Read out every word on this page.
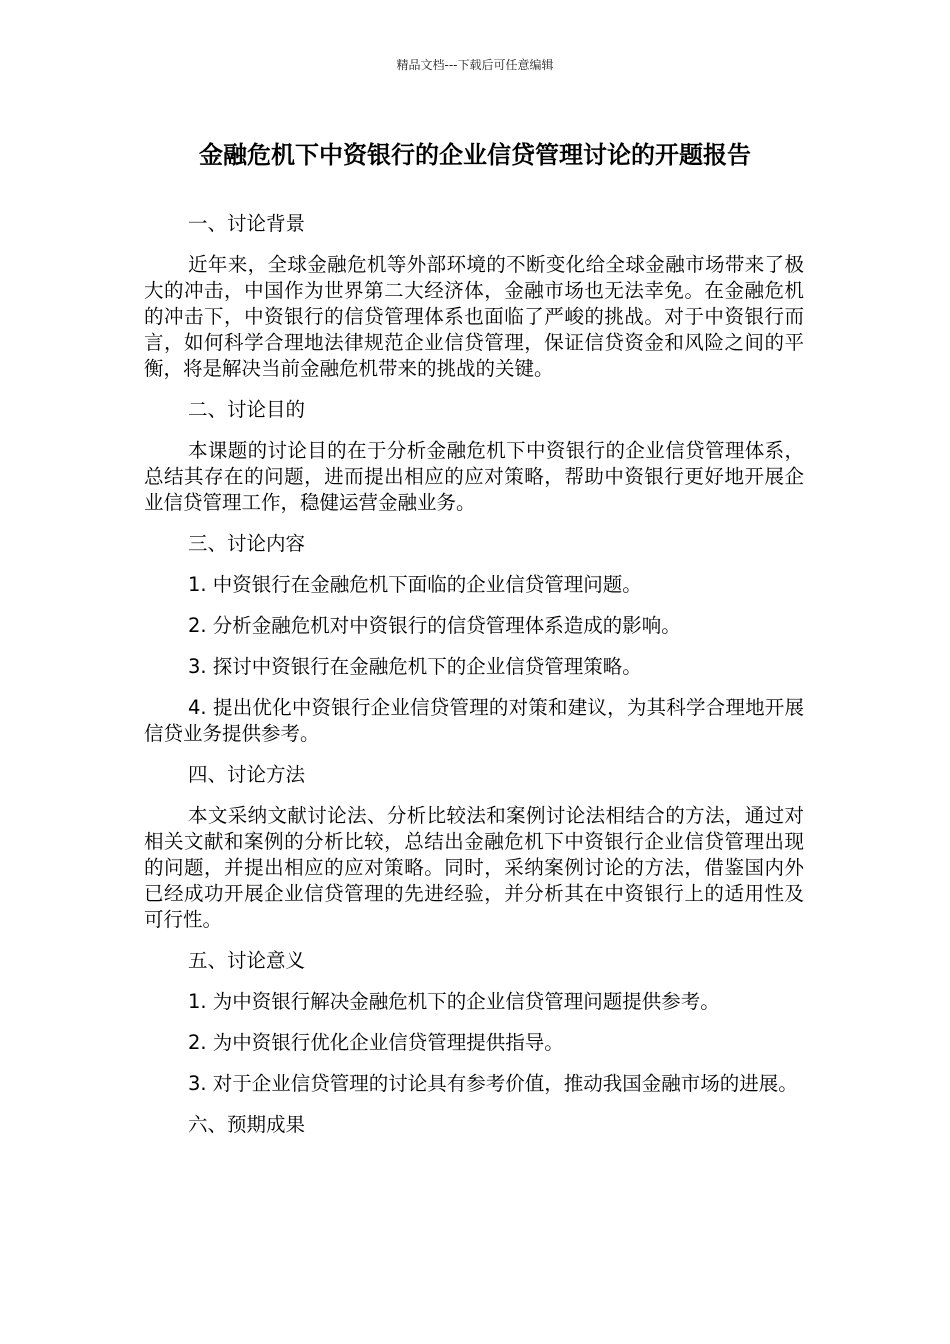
精品文档---下载后可任意编辑
金融危机下中资银行的企业信贷管理讨论的开题报告

一、讨论背景

近年来，全球金融危机等外部环境的不断变化给全球金融市场带来了极大的冲击，中国作为世界第二大经济体，金融市场也无法幸免。在金融危机的冲击下，中资银行的信贷管理体系也面临了严峻的挑战。对于中资银行而言，如何科学合理地法律规范企业信贷管理，保证信贷资金和风险之间的平衡，将是解决当前金融危机带来的挑战的关键。

二、讨论目的

本课题的讨论目的在于分析金融危机下中资银行的企业信贷管理体系，总结其存在的问题，进而提出相应的应对策略，帮助中资银行更好地开展企业信贷管理工作，稳健运营金融业务。

三、讨论内容

1. 中资银行在金融危机下面临的企业信贷管理问题。

2. 分析金融危机对中资银行的信贷管理体系造成的影响。

3. 探讨中资银行在金融危机下的企业信贷管理策略。

4. 提出优化中资银行企业信贷管理的对策和建议，为其科学合理地开展信贷业务提供参考。

四、讨论方法

本文采纳文献讨论法、分析比较法和案例讨论法相结合的方法，通过对相关文献和案例的分析比较，总结出金融危机下中资银行企业信贷管理出现的问题，并提出相应的应对策略。同时，采纳案例讨论的方法，借鉴国内外已经成功开展企业信贷管理的先进经验，并分析其在中资银行上的适用性及可行性。

五、讨论意义

1. 为中资银行解决金融危机下的企业信贷管理问题提供参考。

2. 为中资银行优化企业信贷管理提供指导。

3. 对于企业信贷管理的讨论具有参考价值，推动我国金融市场的进展。

六、预期成果
